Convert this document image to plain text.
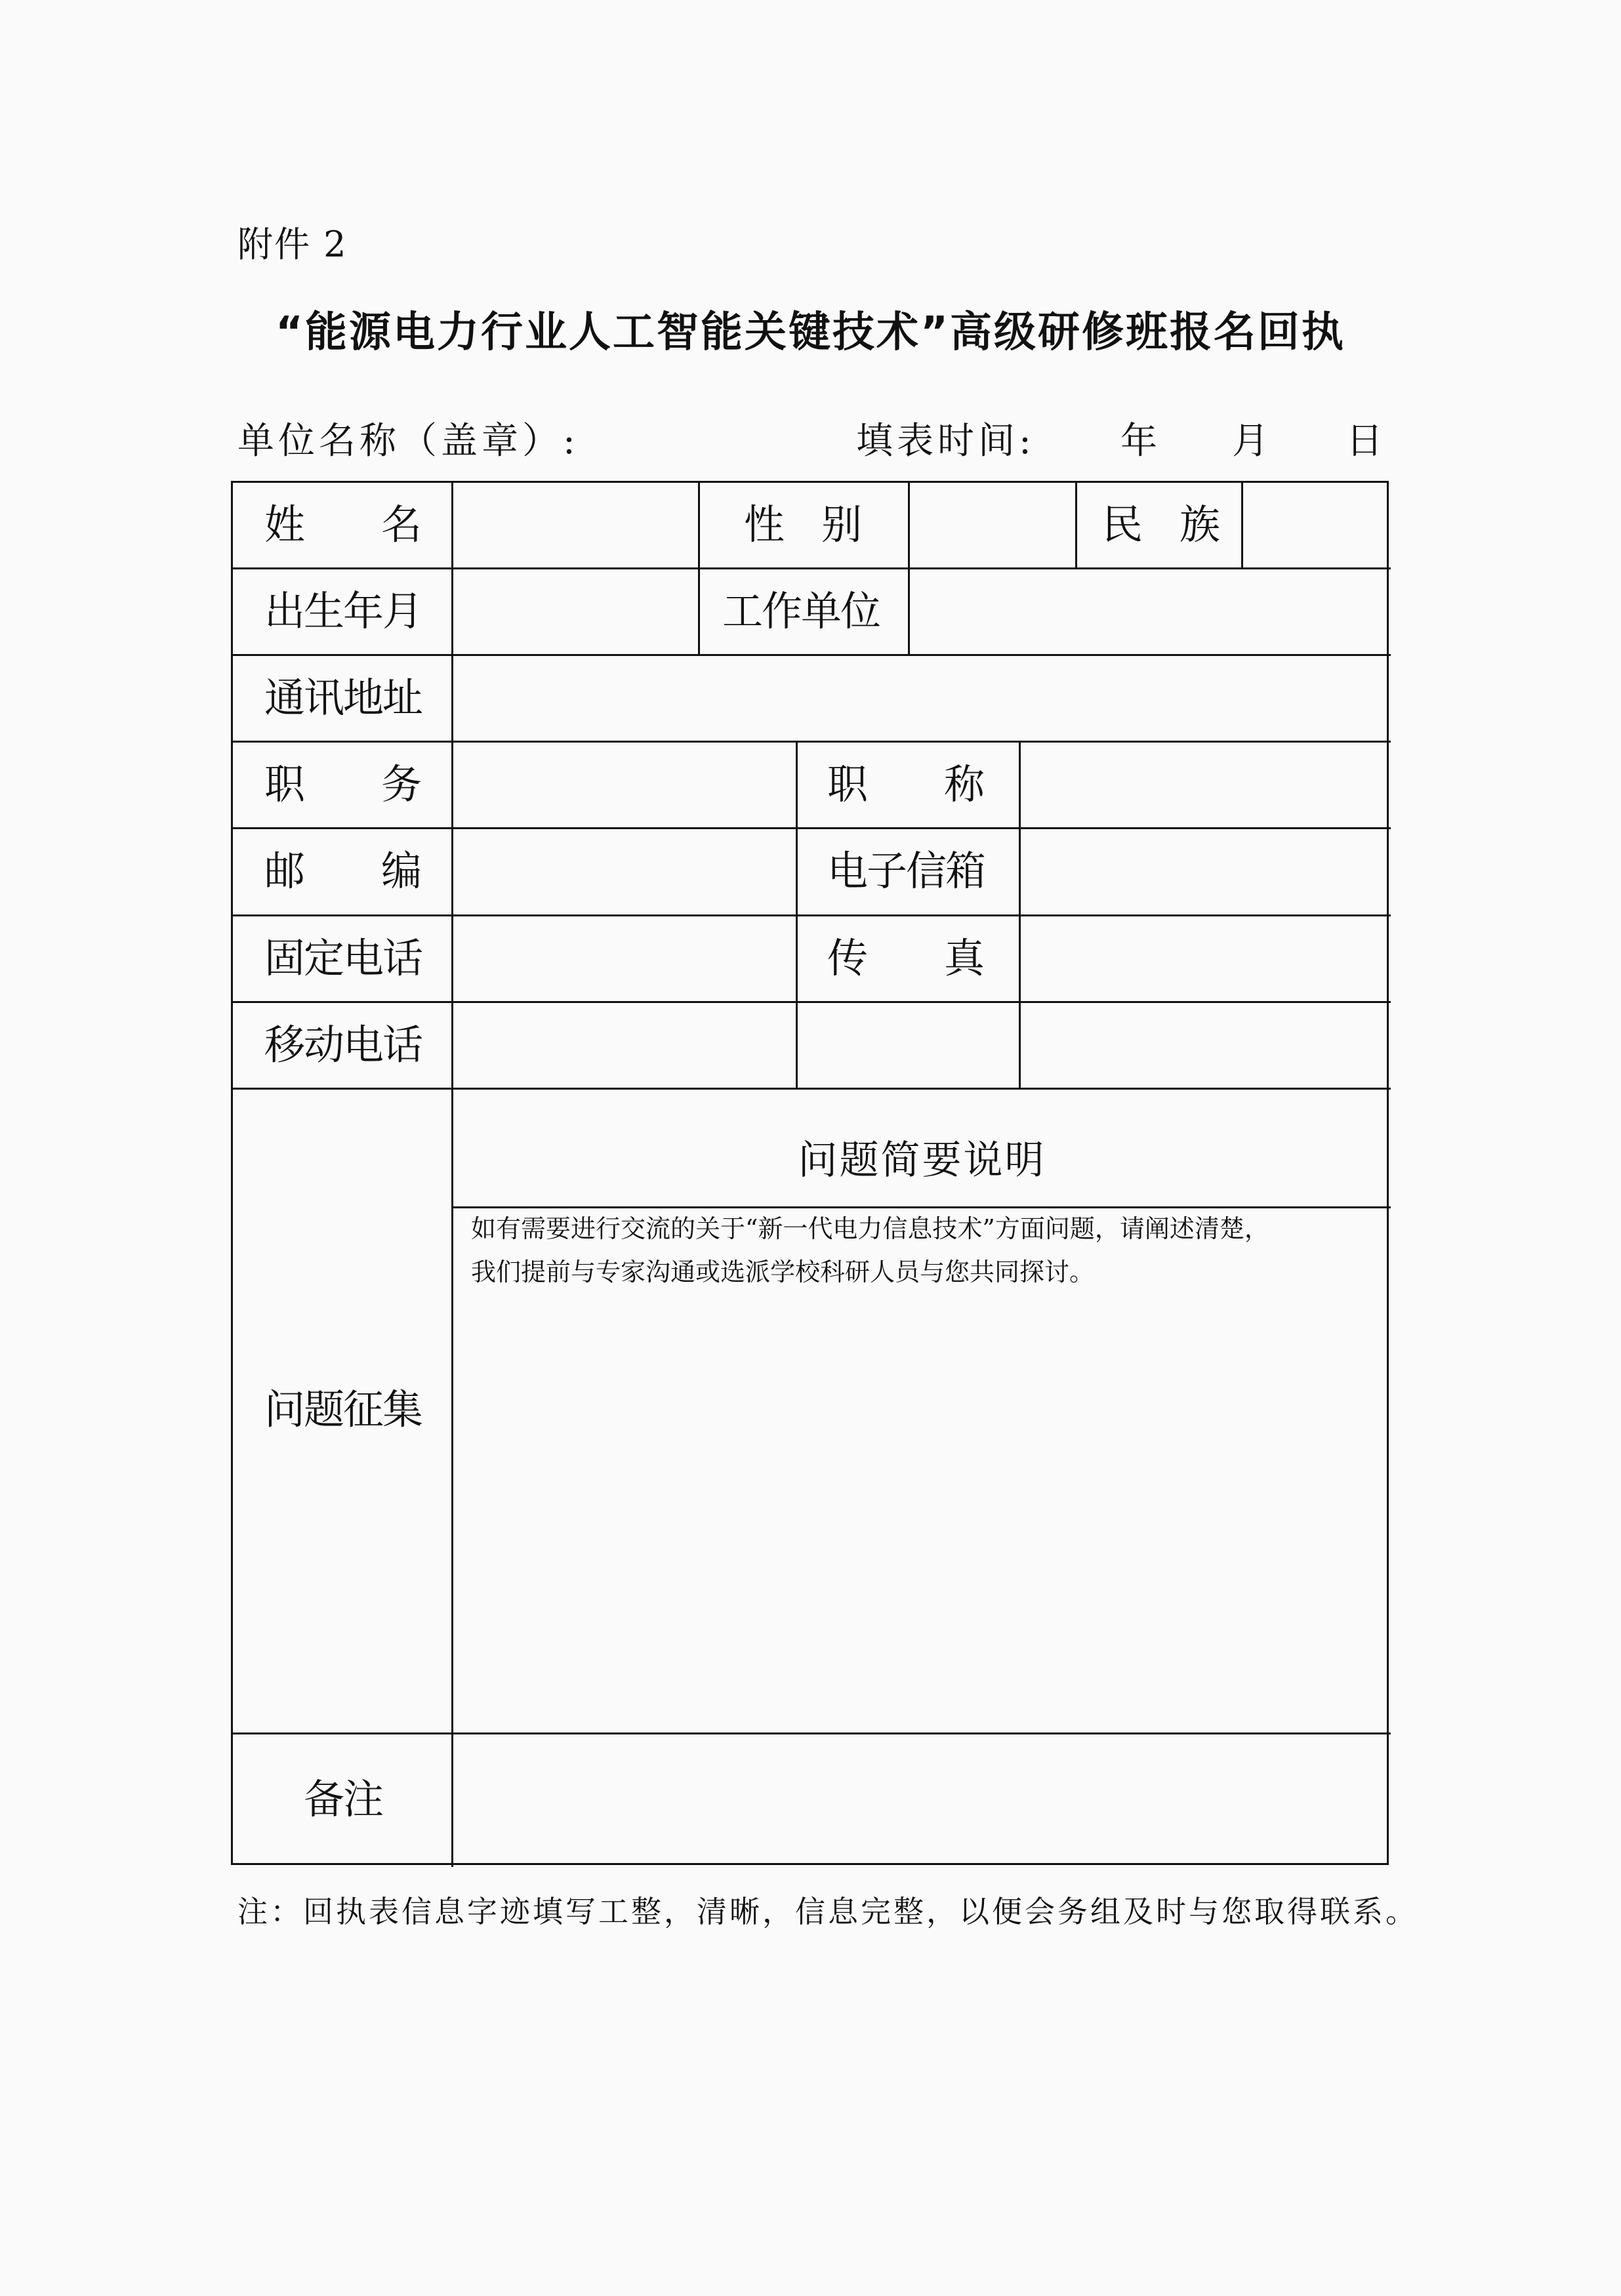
附件 2
“能源电力行业人工智能关键技术”高级研修班报名回执
单位名称（盖章）:	填表时间: 年 月 日
姓 名	性 别	民 族
出生年月	工作单位
通讯地址
职 务	职 称
邮 编	电子信箱
固定电话	传 真
移动电话
问题征集
问题简要说明
如有需要进行交流的关于“新一代电力信息技术”方面问题，请阐述清楚，
我们提前与专家沟通或选派学校科研人员与您共同探讨。
备注
注：回执表信息字迹填写工整，清晰，信息完整，以便会务组及时与您取得联系。
